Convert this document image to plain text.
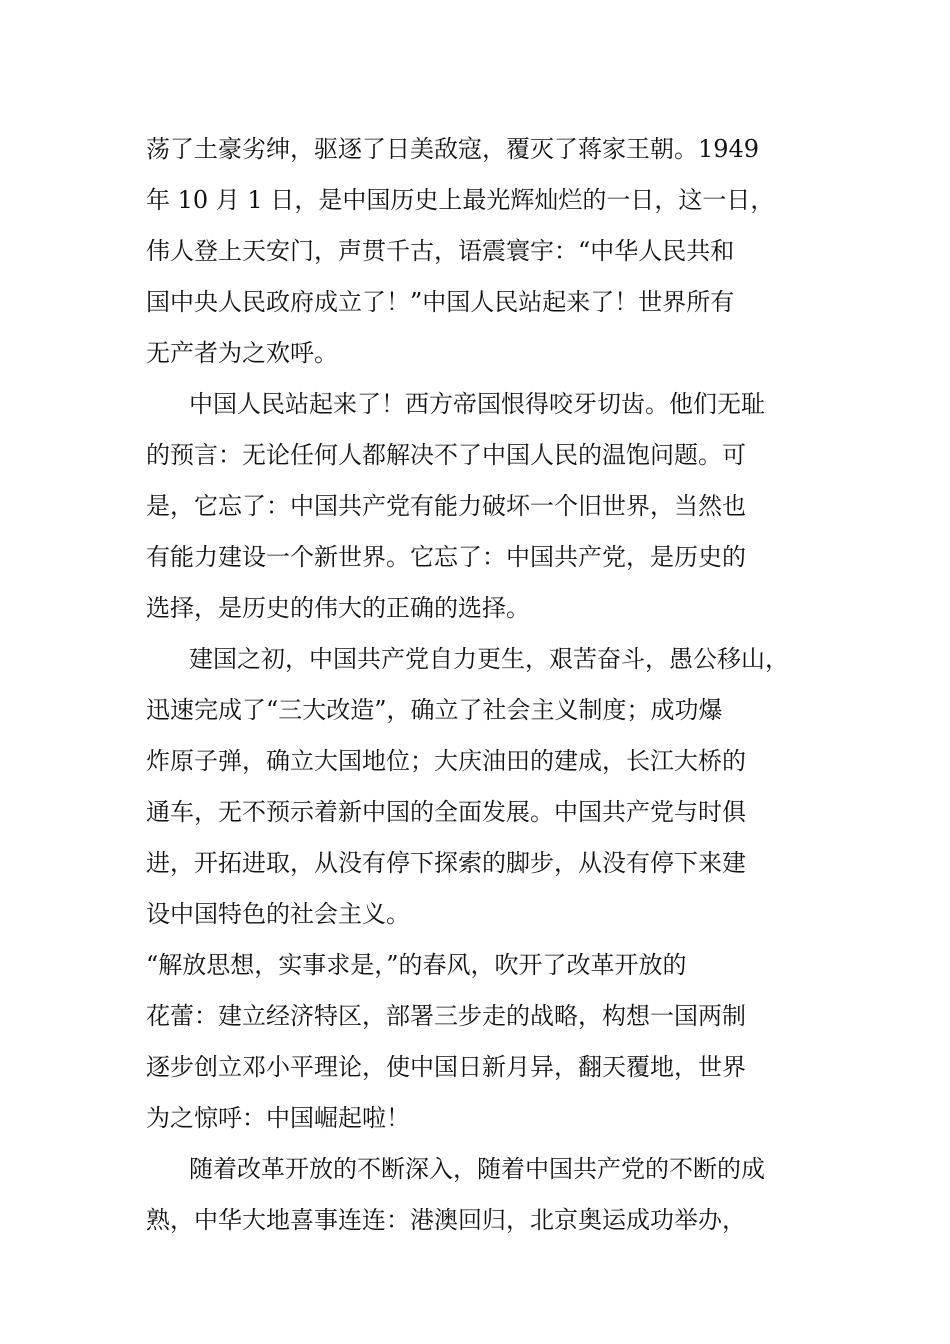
荡了土豪劣绅，驱逐了日美敌寇，覆灭了蒋家王朝。1949
年 10 月 1 日，是中国历史上最光辉灿烂的一日，这一日，
伟人登上天安门，声贯千古，语震寰宇：“中华人民共和
国中央人民政府成立了！”中国人民站起来了！世界所有
无产者为之欢呼。
中国人民站起来了！西方帝国恨得咬牙切齿。他们无耻
的预言：无论任何人都解决不了中国人民的温饱问题。可
是，它忘了：中国共产党有能力破坏一个旧世界，当然也
有能力建设一个新世界。它忘了：中国共产党，是历史的
选择，是历史的伟大的正确的选择。
建国之初，中国共产党自力更生，艰苦奋斗，愚公移山，
迅速完成了“三大改造”，确立了社会主义制度；成功爆
炸原子弹，确立大国地位；大庆油田的建成，长江大桥的
通车，无不预示着新中国的全面发展。中国共产党与时俱
进，开拓进取，从没有停下探索的脚步，从没有停下来建
设中国特色的社会主义。
“解放思想，实事求是，”的春风，吹开了改革开放的
花蕾：建立经济特区，部署三步走的战略，构想一国两制
逐步创立邓小平理论，使中国日新月异，翻天覆地，世界
为之惊呼：中国崛起啦！
随着改革开放的不断深入，随着中国共产党的不断的成
熟，中华大地喜事连连：港澳回归，北京奥运成功举办，
